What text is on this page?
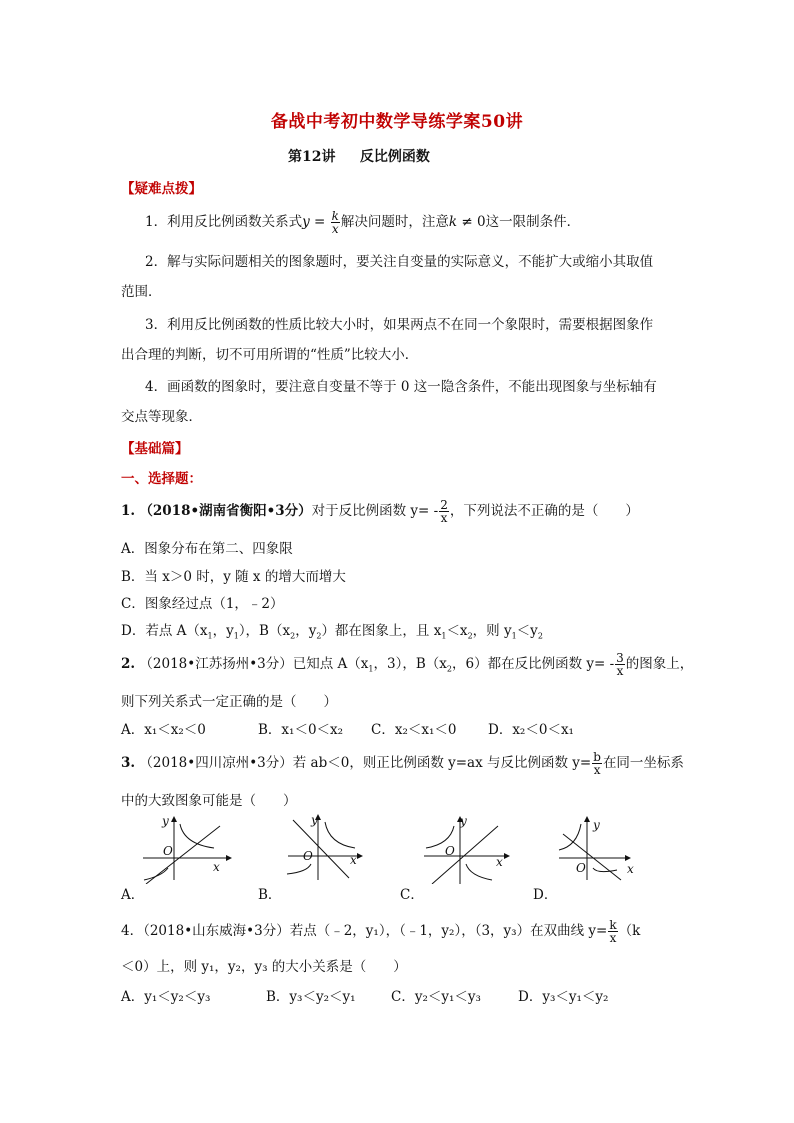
备战中考初中数学导练学案50讲
第12讲 反比例函数
【疑难点拨】
1．利用反比例函数关系式$y = \frac{k}{x}$ 解决问题时，注意k ≠ 0这一限制条件．
2．解与实际问题相关的图象题时，要关注自变量的实际意义，不能扩大或缩小其取值
范围．
3．利用反比例函数的性质比较大小时，如果两点不在同一个象限时，需要根据图象作
出合理的判断，切不可用所谓的“性质”比较大小．
4．画函数的图象时，要注意自变量不等于 0 这一隐含条件，不能出现图象与坐标轴有
交点等现象．
【基础篇】
一、选择题：
1. （2018•湖南省衡阳•3分）对于反比例函数 $y= - \frac{2}{x}$ ，下列说法不正确的是（　　）
A．图象分布在第二、四象限
B．当 x＞0 时，y 随 x 的增大而增大
C．图象经过点（1，﹣2）
D．若点 $A(x_1$，$y_1$），$B(x_2$，$y_2$）都在图象上，且 $x_1<x_2$，则 $y_1<y_2$
2. （2018•江苏扬州•3分）已知点 $A(x_1$，3），$B(x_2$，6）都在反比例函数 $y= - \frac{3}{x}$ 的图象上，
则下列关系式一定正确的是（　　）
A．x₁＜x₂＜0	B．x₁＜0＜x₂ C．x₂＜x₁＜0 D．x₂＜0＜x₁
3. （2018•四川凉州•3分）若 ab＜0，则正比例函数 y=ax 与反比例函数 $y= \frac{b}{x}$ 在同一坐标系
中的大致图象可能是（　　）
y
x
O
A．
y
x
O
B．
y
x
O
C．
y
x
O
D．
4．（2018•山东威海•3分）若点（﹣2，y₁），（﹣1，y₂），（3，y₃）在双曲线 $y= \frac{k}{x} (k$
＜0）上，则 y₁，y₂，y₃ 的大小关系是（　　）
A．y₁＜y₂＜y₃	B．y₃＜y₂＜y₁	C．y₂＜y₁＜y₃	D．y₃＜y₁＜y₂
